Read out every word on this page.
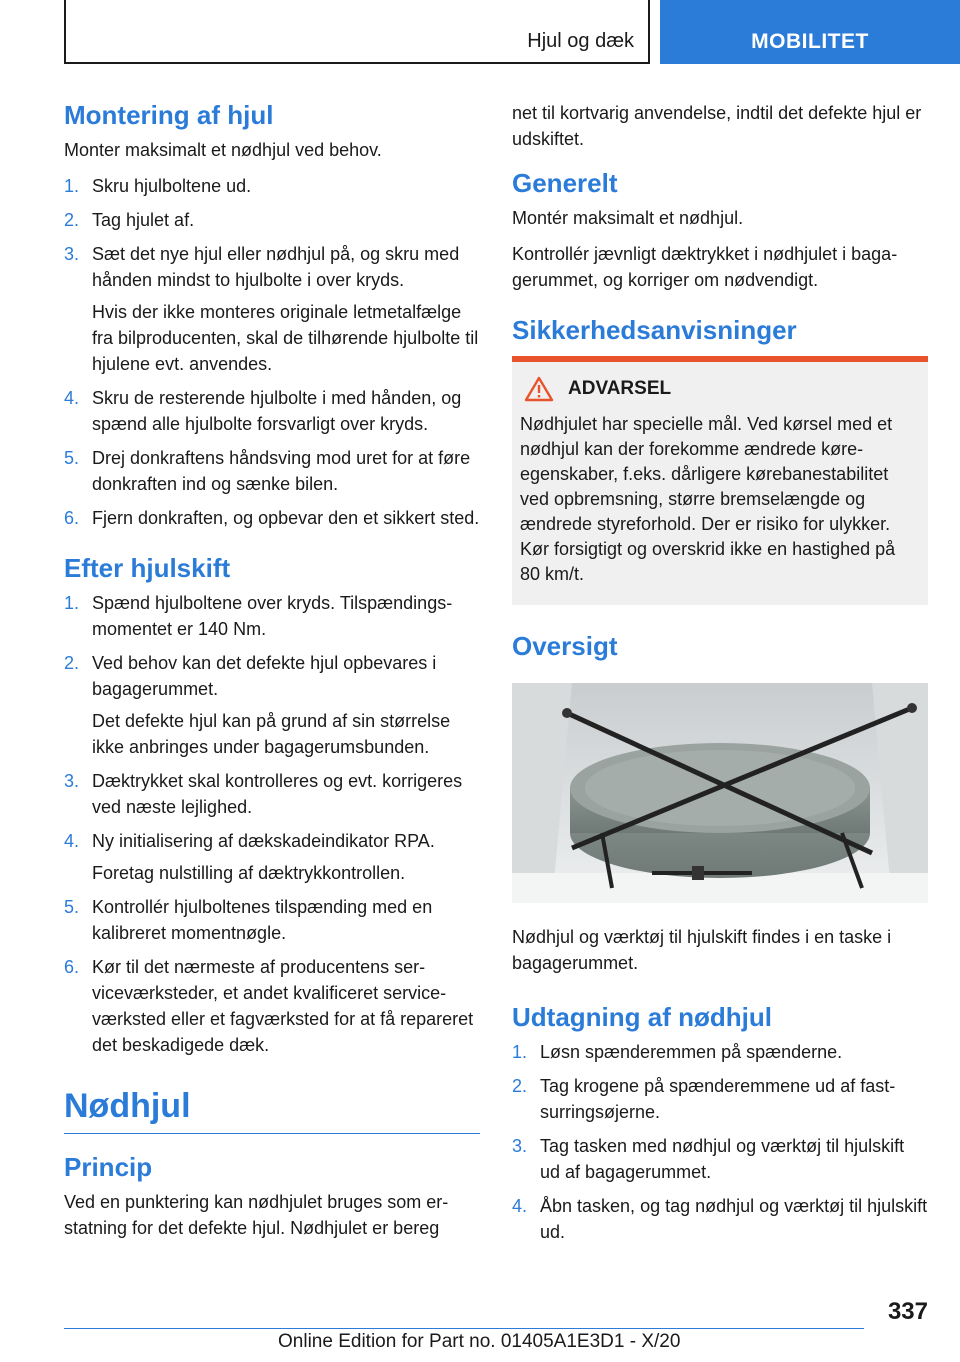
Hjul og dæk	MOBILITET
Montering af hjul

Monter maksimalt et nødhjul ved behov.

1. Skru hjulboltene ud.

2. Tag hjulet af.

3. Sæt det nye hjul eller nødhjul på, og skru med hånden mindst to hjulbolte i over kryds.

Hvis der ikke monteres originale letmetalfælge fra bilproducenten, skal de tilhørende hjulbolte til hjulene evt. anvendes.

4. Skru de resterende hjulbolte i med hånden, og spænd alle hjulbolte forsvarligt over kryds.

5. Drej donkraftens håndsving mod uret for at føre donkraften ind og sænke bilen.

6. Fjern donkraften, og opbevar den et sikkert sted.

Efter hjulskift
1. Spænd hjulboltene over kryds. Tilspændingsmomentet er 140 Nm.

2. Ved behov kan det defekte hjul opbevares i bagagerummet.

Det defekte hjul kan på grund af sin størrelse ikke anbringes under bagagerumsbunden.

3. Dæktrykket skal kontrolleres og evt. korrigeres ved næste lejlighed.

4. Ny initialisering af dækskadeindikator RPA.

Foretag nulstilling af dæktrykkontrollen.

5. Kontrollér hjulboltenes tilspænding med en kalibreret momentnøgle.

6. Kør til det nærmeste af producentens serviceværksteder, et andet kvalificeret serviceværksted eller et fagværksted for at få repareret det beskadigede dæk.

Nødhjul
Princip

Ved en punktering kan nødhjulet bruges som erstatning for det defekte hjul. Nødhjulet er bereg

net til kortvarig anvendelse, indtil det defekte hjul er udskiftet.

Generelt

Montér maksimalt et nødhjul.

Kontrollér jævnligt dæktrykket i nødhjulet i bagagerummet, og korriger om nødvendigt.

Sikkerhedsanvisninger
ADVARSEL
Nødhjulet har specielle mål. Ved kørsel med et nødhjul kan der forekomme ændrede køreegenskaber, f.eks. dårligere kørebanestabilitet ved opbremsning, større bremselængde og ændrede styreforhold. Der er risiko for ulykker. Kør forsigtigt og overskrid ikke en hastighed på 80 km/t.
Oversigt

Nødhjul og værktøj til hjulskift findes i en taske i bagagerummet.

Udtagning af nødhjul
1. Løsn spænderemmen på spænderne.

2. Tag krogene på spænderemmene ud af fastsurringsøjerne.

3. Tag tasken med nødhjul og værktøj til hjulskift ud af bagagerummet.

4. Åbn tasken, og tag nødhjul og værktøj til hjulskift ud.

337
Online Edition for Part no. 01405A1E3D1 - X/20
